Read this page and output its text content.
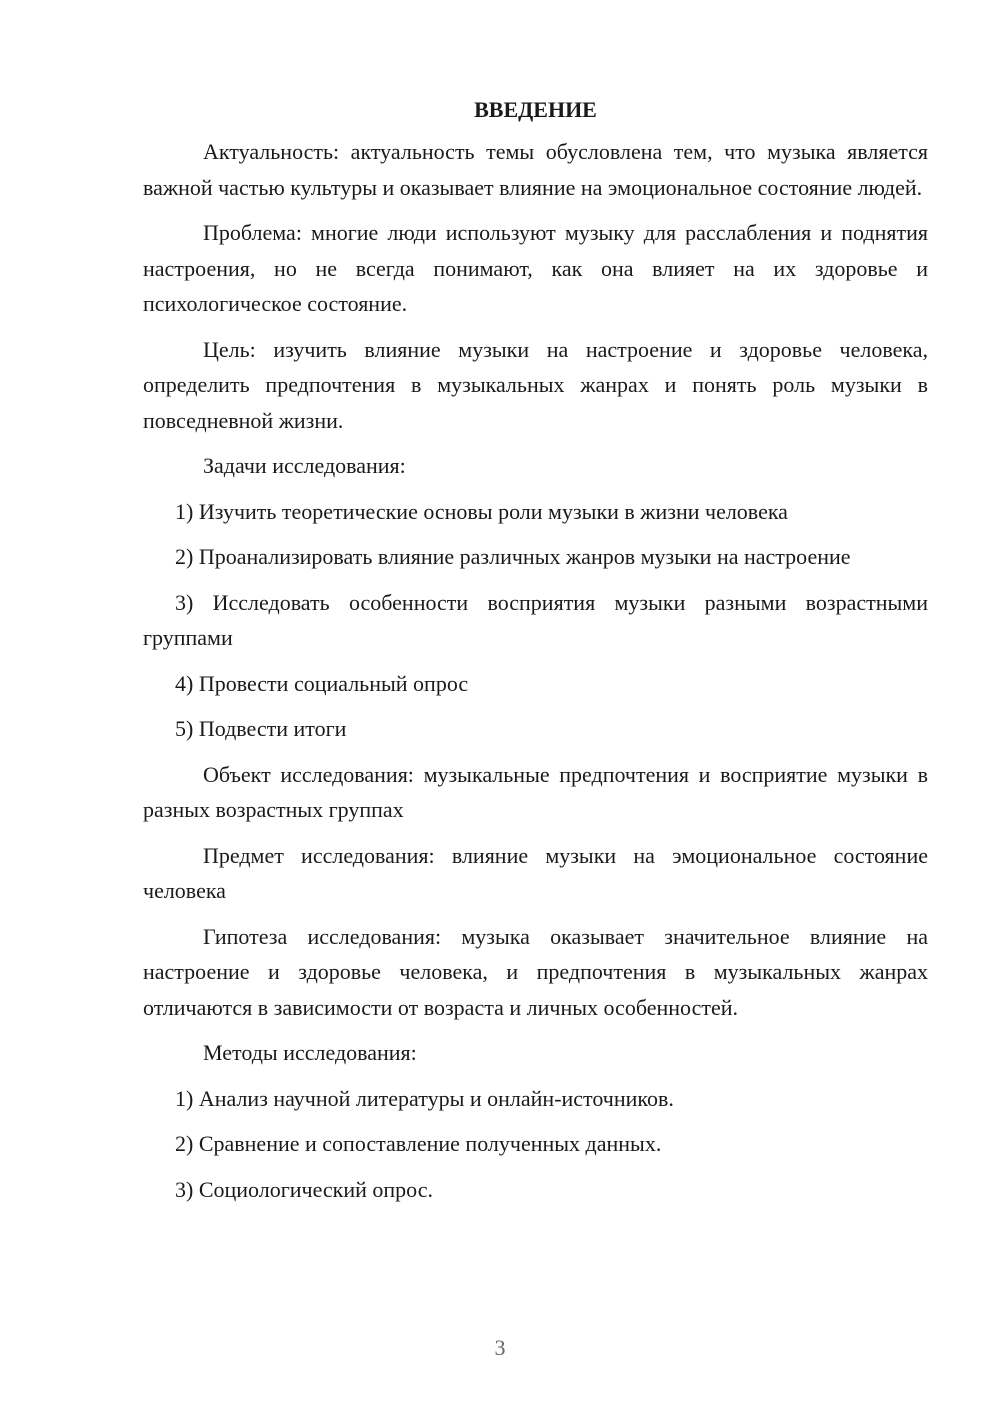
ВВЕДЕНИЕ

Актуальность: актуальность темы обусловлена тем, что музыка является важной частью культуры и оказывает влияние на эмоциональное состояние людей.

Проблема: многие люди используют музыку для расслабления и поднятия настроения, но не всегда понимают, как она влияет на их здоровье и психологическое состояние.

Цель: изучить влияние музыки на настроение и здоровье человека, определить предпочтения в музыкальных жанрах и понять роль музыки в повседневной жизни.

Задачи исследования:

1) Изучить теоретические основы роли музыки в жизни человека

2) Проанализировать влияние различных жанров музыки на настроение

3) Исследовать особенности восприятия музыки разными возрастными группами

4) Провести социальный опрос

5) Подвести итоги

Объект исследования: музыкальные предпочтения и восприятие музыки в разных возрастных группах

Предмет исследования: влияние музыки на эмоциональное состояние человека

Гипотеза исследования: музыка оказывает значительное влияние на настроение и здоровье человека, и предпочтения в музыкальных жанрах отличаются в зависимости от возраста и личных особенностей.

Методы исследования:

1) Анализ научной литературы и онлайн-источников.

2) Сравнение и сопоставление полученных данных.

3) Социологический опрос.

3
